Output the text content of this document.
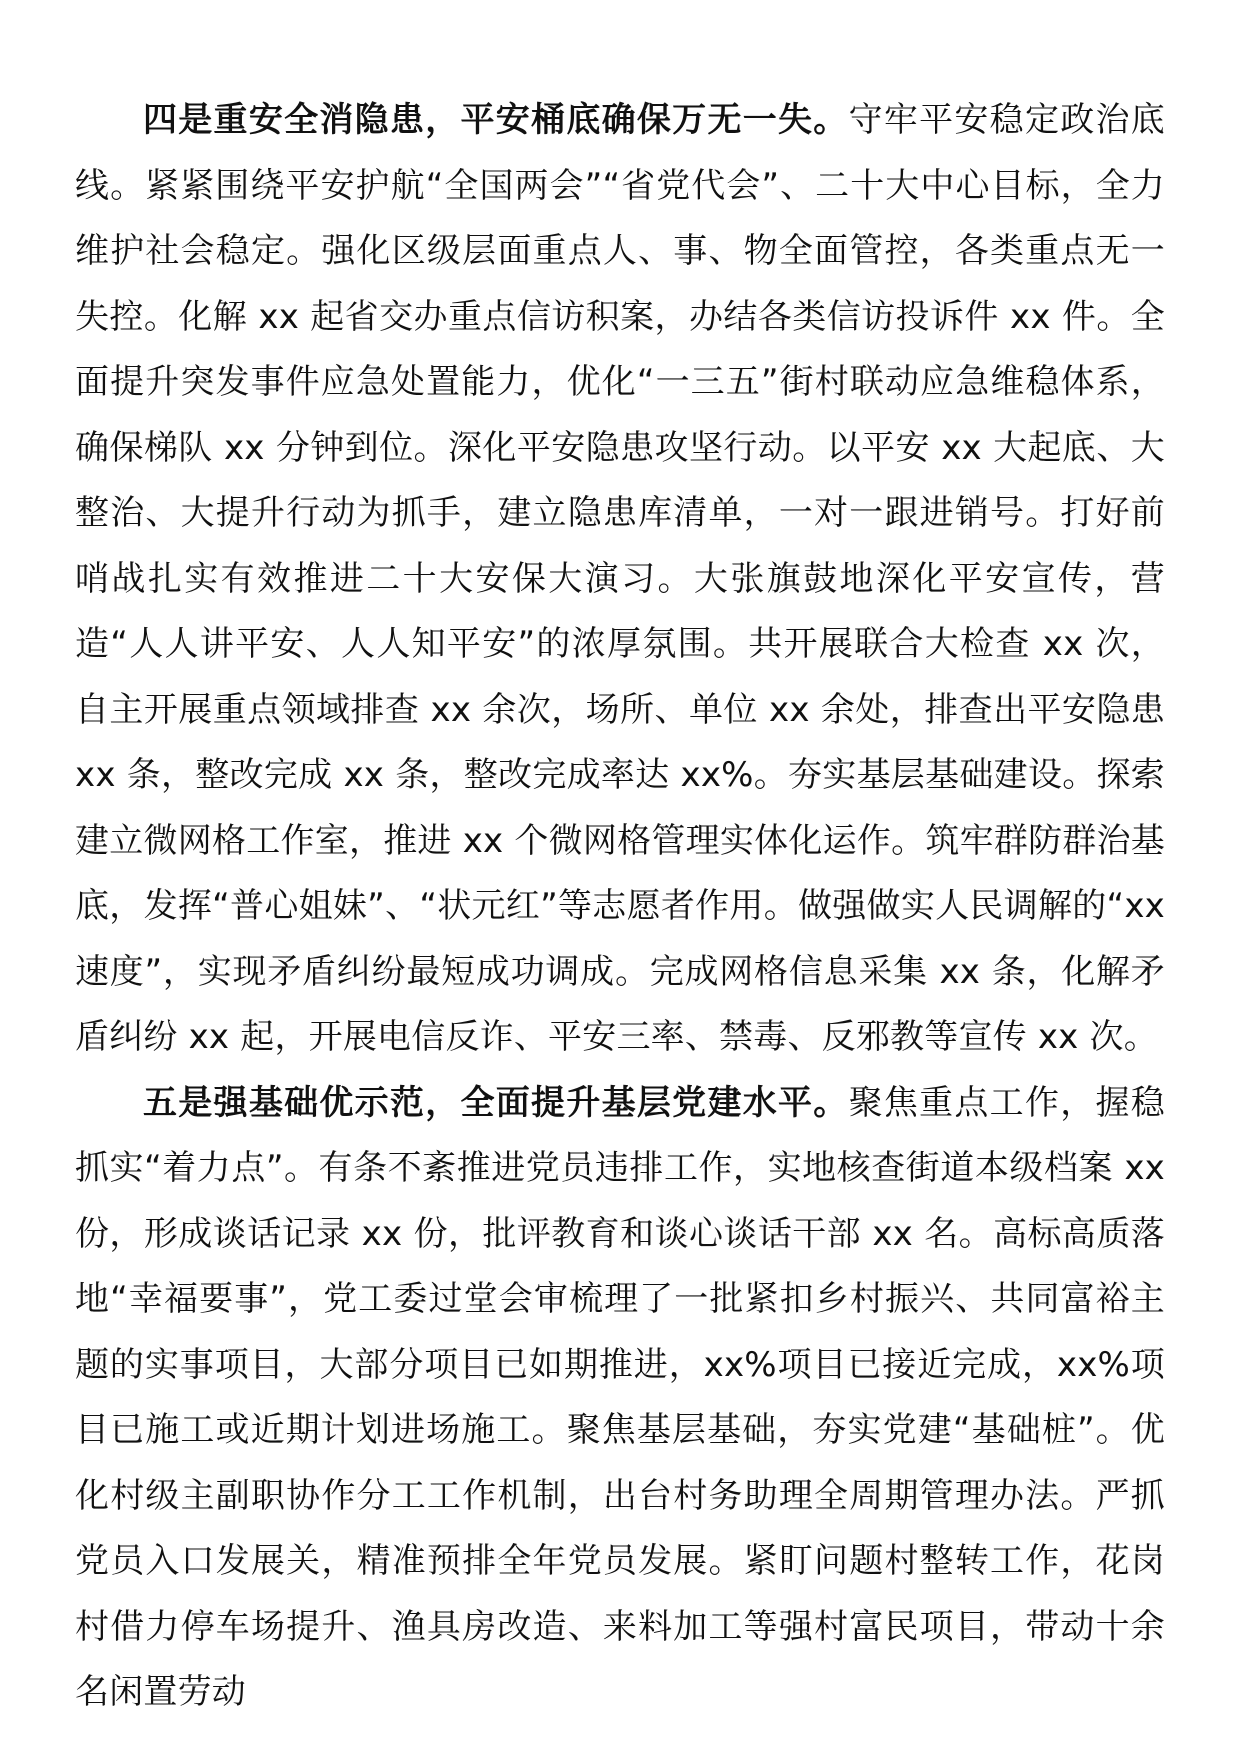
四是重安全消隐患，平安桶底确保万无一失。守牢平安稳定政治底线。紧紧围绕平安护航“全国两会”“省党代会”、二十大中心目标，全力维护社会稳定。强化区级层面重点人、事、物全面管控，各类重点无一失控。化解 xx 起省交办重点信访积案，办结各类信访投诉件 xx 件。全面提升突发事件应急处置能力，优化“一三五”街村联动应急维稳体系，确保梯队 xx 分钟到位。深化平安隐患攻坚行动。以平安 xx 大起底、大整治、大提升行动为抓手，建立隐患库清单，一对一跟进销号。打好前哨战扎实有效推进二十大安保大演习。大张旗鼓地深化平安宣传，营造“人人讲平安、人人知平安”的浓厚氛围。共开展联合大检查 xx 次，自主开展重点领域排查 xx 余次，场所、单位 xx 余处，排查出平安隐患 xx 条，整改完成 xx 条，整改完成率达 xx%。夯实基层基础建设。探索建立微网格工作室，推进 xx 个微网格管理实体化运作。筑牢群防群治基底，发挥“普心姐妹”、“状元红”等志愿者作用。做强做实人民调解的“xx 速度”，实现矛盾纠纷最短成功调成。完成网格信息采集 xx 条，化解矛盾纠纷 xx 起，开展电信反诈、平安三率、禁毒、反邪教等宣传 xx 次。

五是强基础优示范，全面提升基层党建水平。聚焦重点工作，握稳抓实“着力点”。有条不紊推进党员违排工作，实地核查街道本级档案 xx 份，形成谈话记录 xx 份，批评教育和谈心谈话干部 xx 名。高标高质落地“幸福要事”，党工委过堂会审梳理了一批紧扣乡村振兴、共同富裕主题的实事项目，大部分项目已如期推进，xx%项目已接近完成，xx%项目已施工或近期计划进场施工。聚焦基层基础，夯实党建“基础桩”。优化村级主副职协作分工工作机制，出台村务助理全周期管理办法。严抓党员入口发展关，精准预排全年党员发展。紧盯问题村整转工作，花岗村借力停车场提升、渔具房改造、来料加工等强村富民项目，带动十余名闲置劳动
